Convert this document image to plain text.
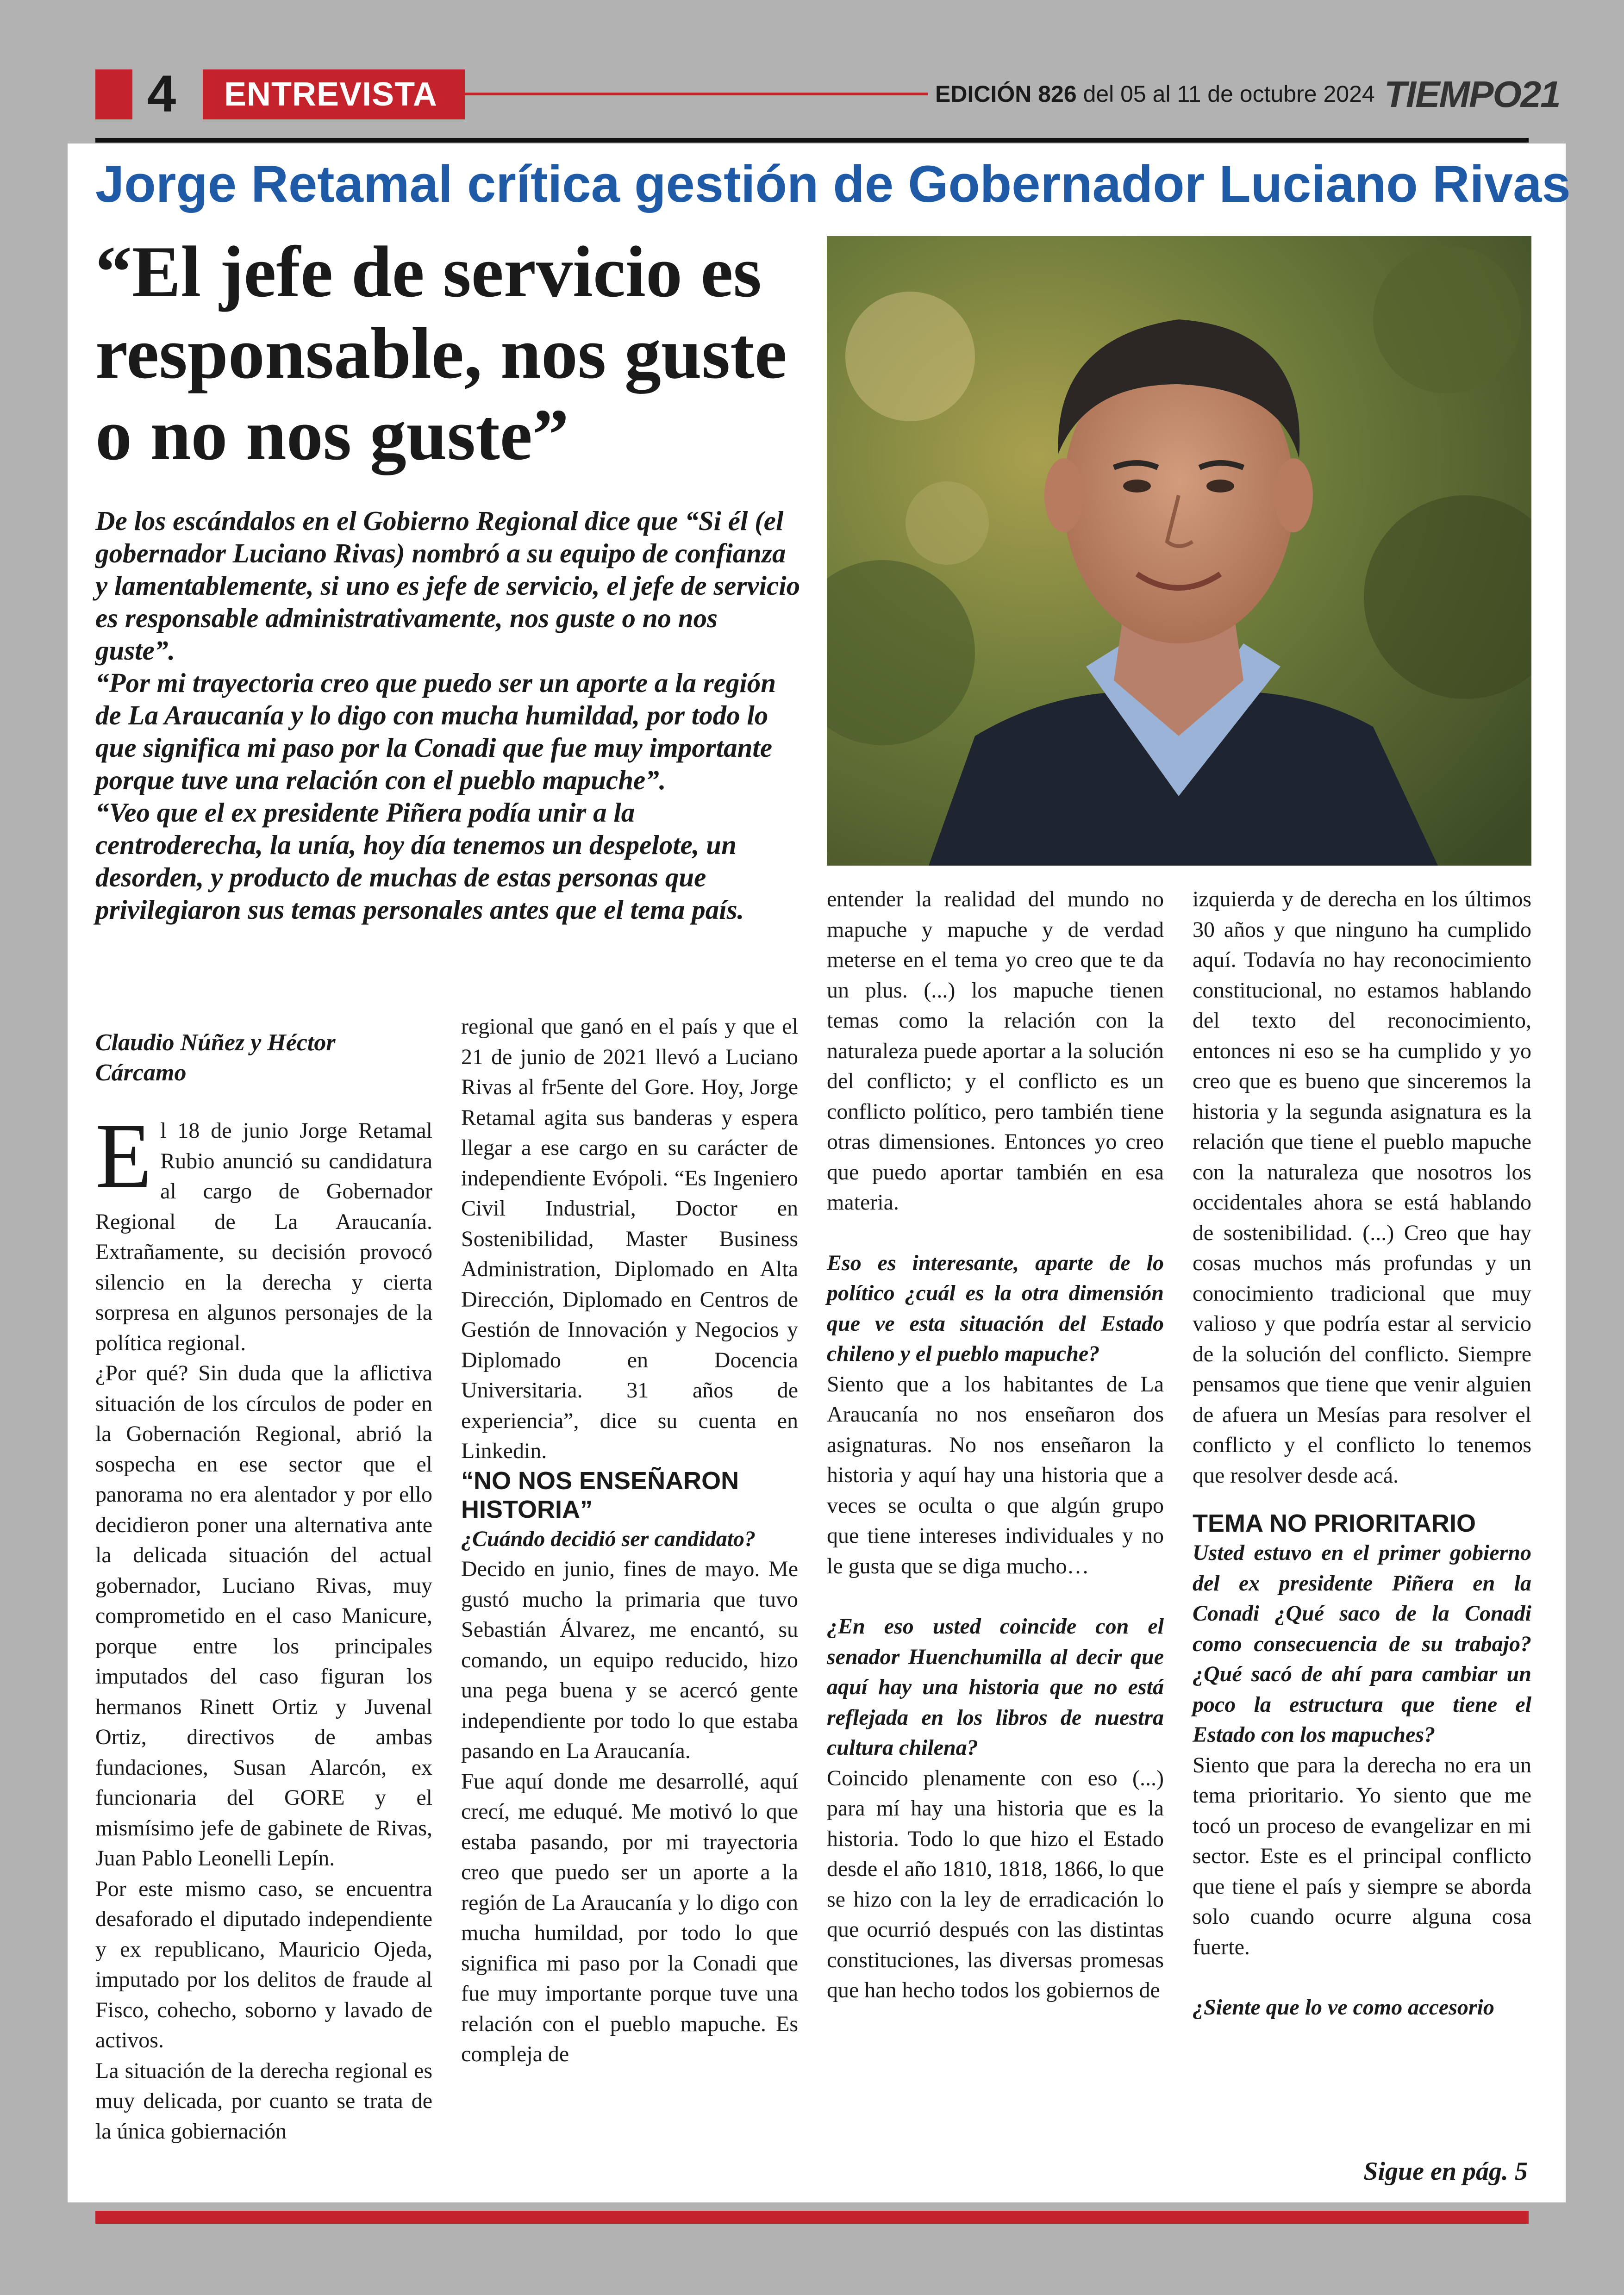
4	ENTREVISTA	EDICIÓN 826 del 05 al 11 de octubre 2024 TIEMPO21
Jorge Retamal crítica gestión de Gobernador Luciano Rivas
“El jefe de servicio es responsable, nos guste o no nos guste”

De los escándalos en el Gobierno Regional dice que “Si él (el gobernador Luciano Rivas) nombró a su equipo de confianza y lamentablemente, si uno es jefe de servicio, el jefe de servicio es responsable administrativamente, nos guste o no nos guste”.

“Por mi trayectoria creo que puedo ser un aporte a la región de La Araucanía y lo digo con mucha humildad, por todo lo que significa mi paso por la Conadi que fue muy importante porque tuve una relación con el pueblo mapuche”.

“Veo que el ex presidente Piñera podía unir a la centroderecha, la unía, hoy día tenemos un despelote, un desorden, y producto de muchas de estas personas que privilegiaron sus temas personales antes que el tema país.

Claudio Núñez y Héctor Cárcamo

El 18 de junio Jorge Retamal Rubio anunció su candidatura al cargo de Gobernador Regional de La Araucanía. Extrañamente, su decisión provocó silencio en la derecha y cierta sorpresa en algunos personajes de la política regional.

¿Por qué? Sin duda que la aflictiva situación de los círculos de poder en la Gobernación Regional, abrió la sospecha en ese sector que el panorama no era alentador y por ello decidieron poner una alternativa ante la delicada situación del actual gobernador, Luciano Rivas, muy comprometido en el caso Manicure, porque entre los principales imputados del caso figuran los hermanos Rinett Ortiz y Juvenal Ortiz, directivos de ambas fundaciones, Susan Alarcón, ex funcionaria del GORE y el mismísimo jefe de gabinete de Rivas, Juan Pablo Leonelli Lepín.

Por este mismo caso, se encuentra desaforado el diputado independiente y ex republicano, Mauricio Ojeda, imputado por los delitos de fraude al Fisco, cohecho, soborno y lavado de activos.

La situación de la derecha regional es muy delicada, por cuanto se trata de la única gobiernación

regional que ganó en el país y que el 21 de junio de 2021 llevó a Luciano Rivas al fr5ente del Gore. Hoy, Jorge Retamal agita sus banderas y espera llegar a ese cargo en su carácter de independiente Evópoli. “Es Ingeniero Civil Industrial, Doctor en Sostenibilidad, Master Business Administration, Diplomado en Alta Dirección, Diplomado en Centros de Gestión de Innovación y Negocios y Diplomado en Docencia Universitaria. 31 años de experiencia”, dice su cuenta en Linkedin.

“NO NOS ENSEÑARON HISTORIA”

¿Cuándo decidió ser candidato?

Decido en junio, fines de mayo. Me gustó mucho la primaria que tuvo Sebastián Álvarez, me encantó, su comando, un equipo reducido, hizo una pega buena y se acercó gente independiente por todo lo que estaba pasando en La Araucanía.

Fue aquí donde me desarrollé, aquí crecí, me eduqué. Me motivó lo que estaba pasando, por mi trayectoria creo que puedo ser un aporte a la región de La Araucanía y lo digo con mucha humildad, por todo lo que significa mi paso por la Conadi que fue muy importante porque tuve una relación con el pueblo mapuche. Es compleja de

entender la realidad del mundo no mapuche y mapuche y de verdad meterse en el tema yo creo que te da un plus. (...) los mapuche tienen temas como la relación con la naturaleza puede aportar a la solución del conflicto; y el conflicto es un conflicto político, pero también tiene otras dimensiones. Entonces yo creo que puedo aportar también en esa materia.

Eso es interesante, aparte de lo político ¿cuál es la otra dimensión que ve esta situación del Estado chileno y el pueblo mapuche?

Siento que a los habitantes de La Araucanía no nos enseñaron dos asignaturas. No nos enseñaron la historia y aquí hay una historia que a veces se oculta o que algún grupo que tiene intereses individuales y no le gusta que se diga mucho…

¿En eso usted coincide con el senador Huenchumilla al decir que aquí hay una historia que no está reflejada en los libros de nuestra cultura chilena?

Coincido plenamente con eso (...) para mí hay una historia que es la historia. Todo lo que hizo el Estado desde el año 1810, 1818, 1866, lo que se hizo con la ley de erradicación lo que ocurrió después con las distintas constituciones, las diversas promesas que han hecho todos los gobiernos de

izquierda y de derecha en los últimos 30 años y que ninguno ha cumplido aquí. Todavía no hay reconocimiento constitucional, no estamos hablando del texto del reconocimiento, entonces ni eso se ha cumplido y yo creo que es bueno que sinceremos la historia y la segunda asignatura es la relación que tiene el pueblo mapuche con la naturaleza que nosotros los occidentales ahora se está hablando de sostenibilidad. (...) Creo que hay cosas muchos más profundas y un conocimiento tradicional que muy valioso y que podría estar al servicio de la solución del conflicto. Siempre pensamos que tiene que venir alguien de afuera un Mesías para resolver el conflicto y el conflicto lo tenemos que resolver desde acá.

TEMA NO PRIORITARIO

Usted estuvo en el primer gobierno del ex presidente Piñera en la Conadi ¿Qué saco de la Conadi como consecuencia de su trabajo? ¿Qué sacó de ahí para cambiar un poco la estructura que tiene el Estado con los mapuches?

Siento que para la derecha no era un tema prioritario. Yo siento que me tocó un proceso de evangelizar en mi sector. Este es el principal conflicto que tiene el país y siempre se aborda solo cuando ocurre alguna cosa fuerte.

¿Siente que lo ve como accesorio

Sigue en pág. 5
